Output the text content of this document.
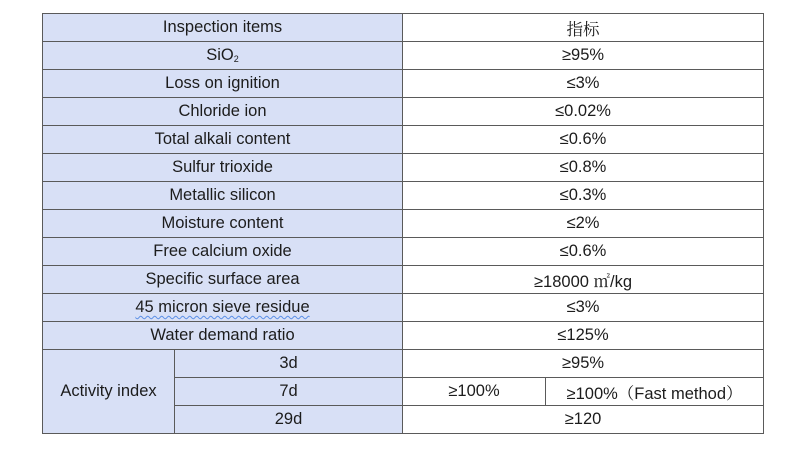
Inspection items		指标	
SiO2		≥95%	
Loss on ignition		≤3%	
Chloride ion		≤0.02%	
Total alkali content		≤0.6%	
Sulfur trioxide		≤0.8%	
Metallic silicon		≤0.3%	
Moisture content		≤2%	
Free calcium oxide		≤0.6%	
Specific surface area		≥18000 ㎡/kg	
45 micron sieve residue		≤3%	
Water demand ratio		≤125%	
Activity index	3d	≥95%	
	7d	≥100%	≥100%（Fast method）
	29d	≥120	
